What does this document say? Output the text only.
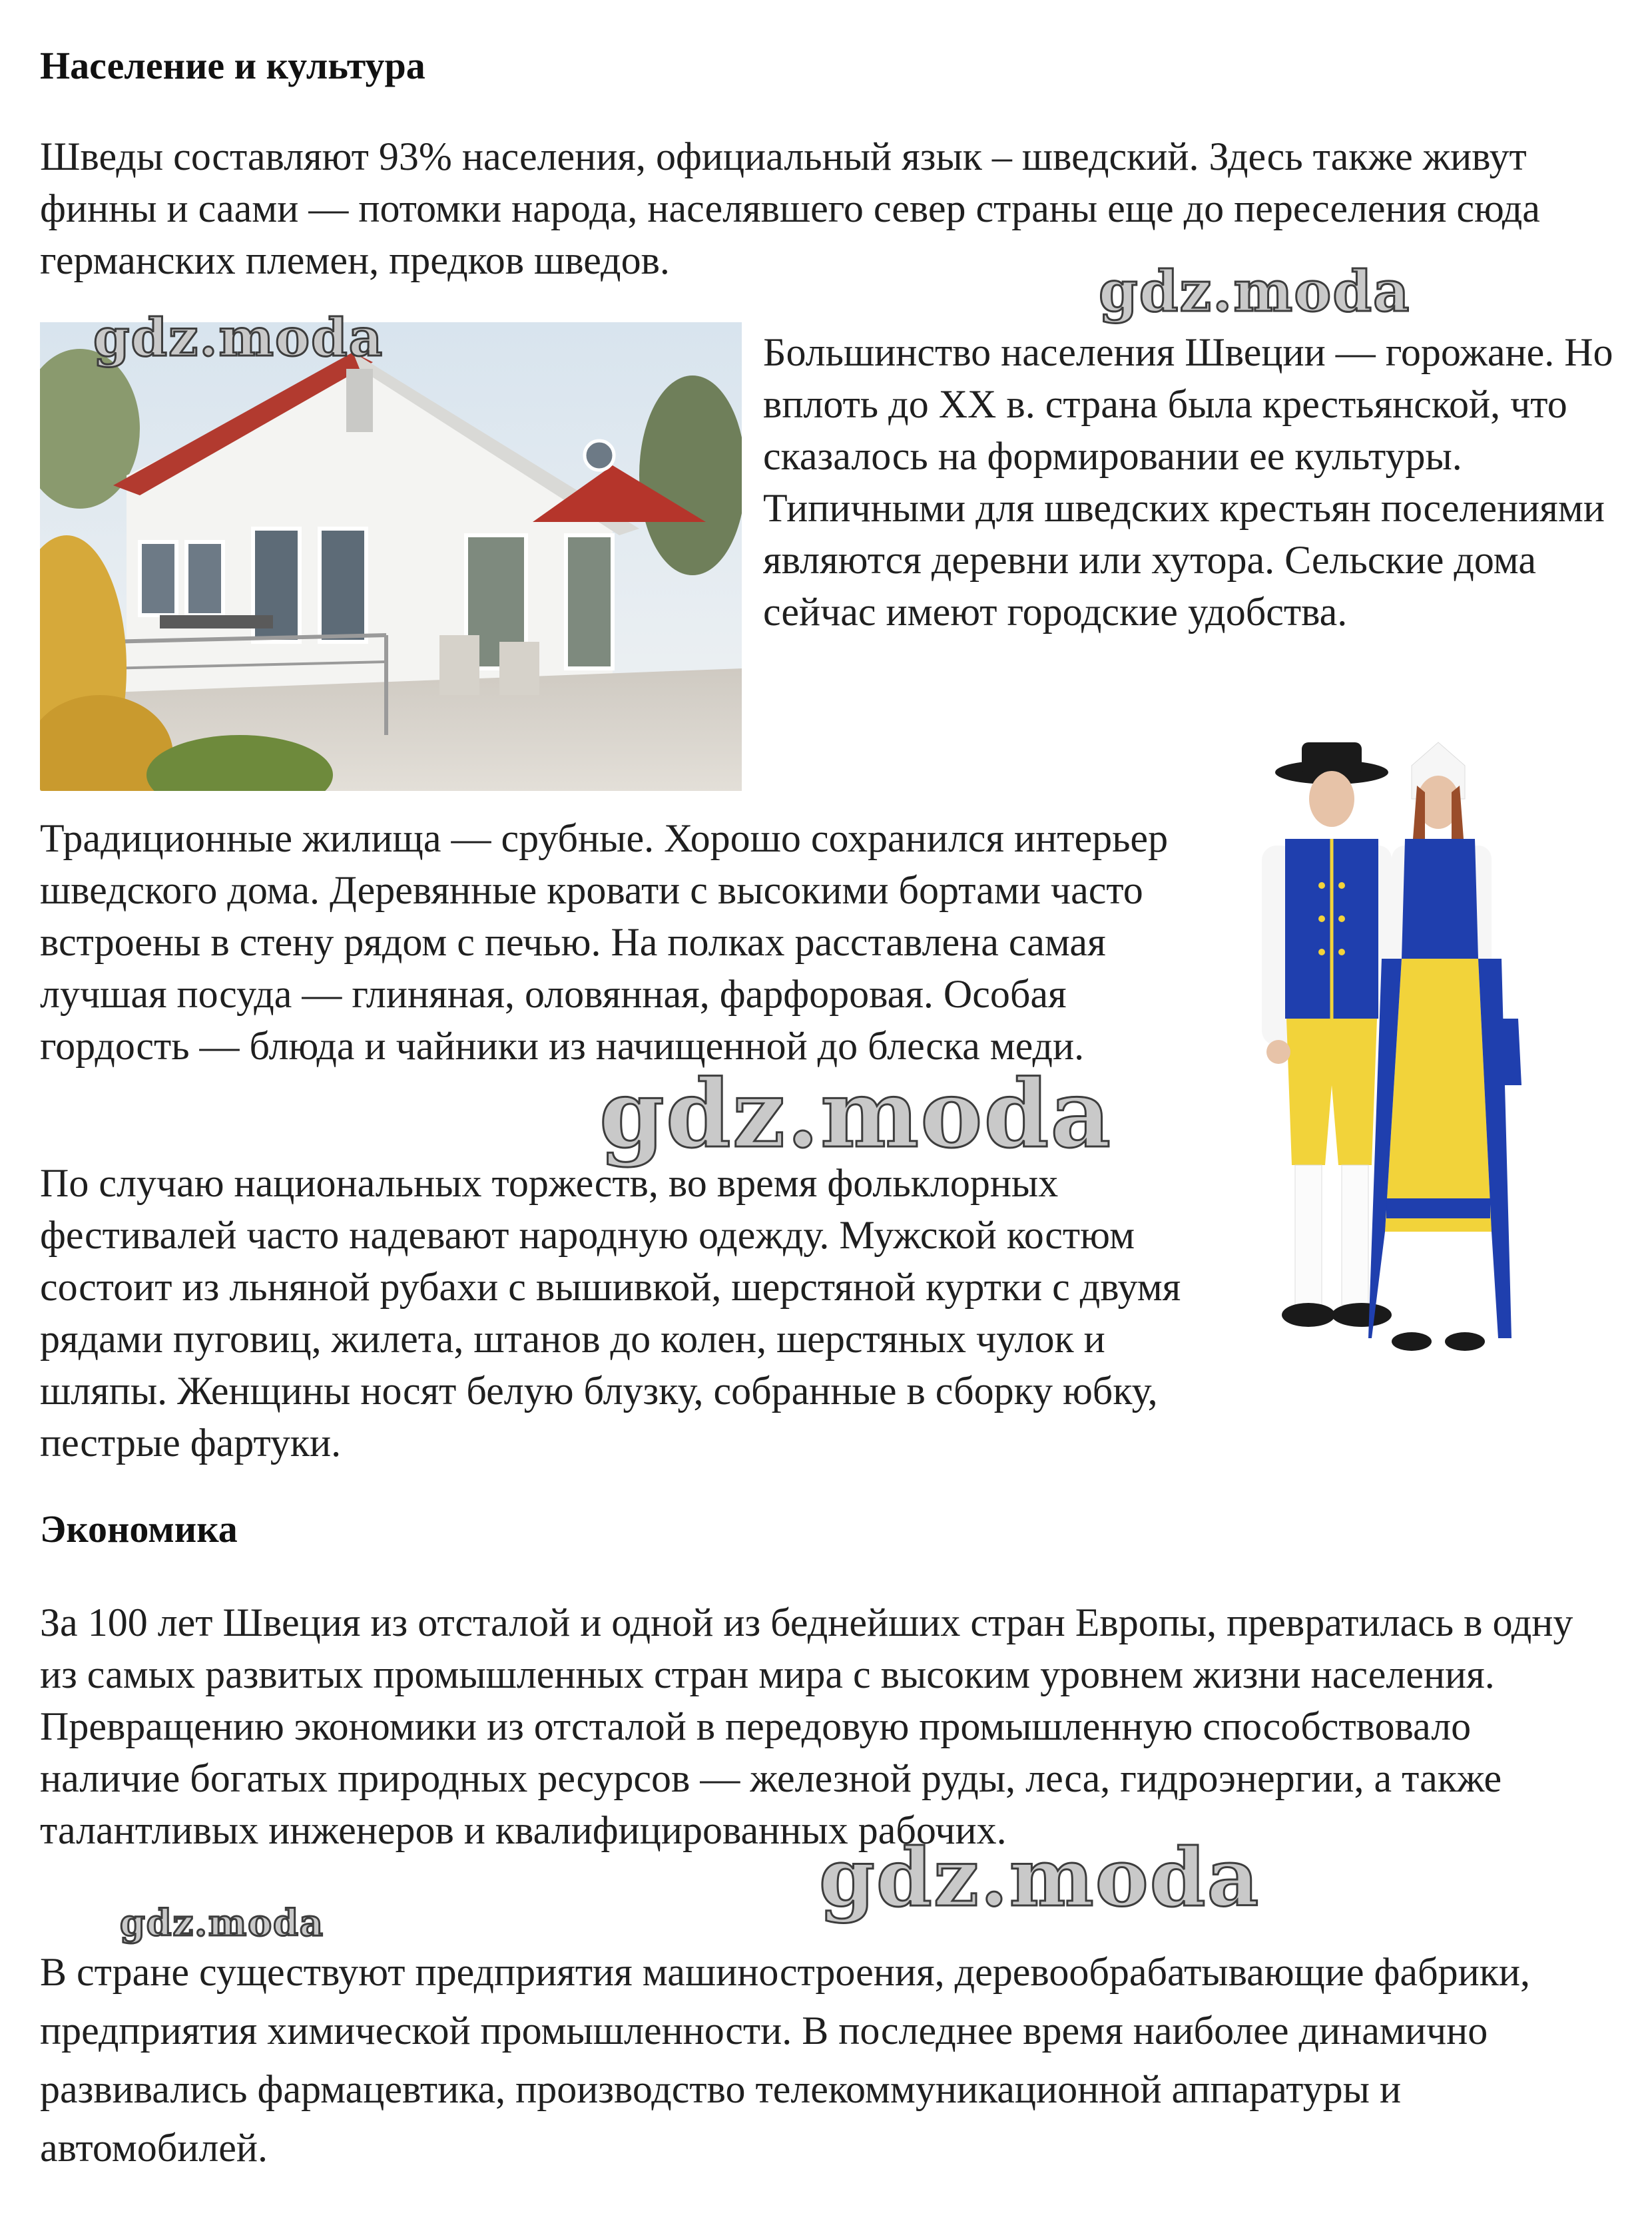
Население и культура

Шведы составляют 93% населения, официальный язык – шведский. Здесь также живут финны и саами — потомки народа, населявшего север страны еще до переселения сюда германских племен, предков шведов.

Большинство населения Швеции — горожане. Но вплоть до XX в. страна была крестьянской, что сказалось на формировании ее культуры. Типичными для шведских крестьян поселениями являются деревни или хутора. Сельские дома сейчас имеют городские удобства.

Традиционные жилища — срубные. Хорошо сохранился интерьер шведского дома. Деревянные кровати с высокими бортами часто встроены в стену рядом с печью. На полках расставлена самая лучшая посуда — глиняная, оловянная, фарфоровая. Особая гордость — блюда и чайники из начищенной до блеска меди.

По случаю национальных торжеств, во время фольклорных фестивалей часто надевают народную одежду. Мужской костюм состоит из льняной рубахи с вышивкой, шерстяной куртки с двумя рядами пуговиц, жилета, штанов до колен, шерстяных чулок и шляпы. Женщины носят белую блузку, собранные в сборку юбку, пестрые фартуки.

Экономика

За 100 лет Швеция из отсталой и одной из беднейших стран Европы, превратилась в одну из самых развитых промышленных стран мира с высоким уровнем жизни населения. Превращению экономики из отсталой в передовую промышленную способствовало наличие богатых природных ресурсов — железной руды, леса, гидроэнергии, а также талантливых инженеров и квалифицированных рабочих.

В стране существуют предприятия машиностроения, деревообрабатывающие фабрики, предприятия химической промышленности. В последнее время наиболее динамично развивались фармацевтика, производство телекоммуникационной аппаратуры и автомобилей.

gdz.moda
gdz.moda
gdz.moda
gdz.moda
gdz.moda
